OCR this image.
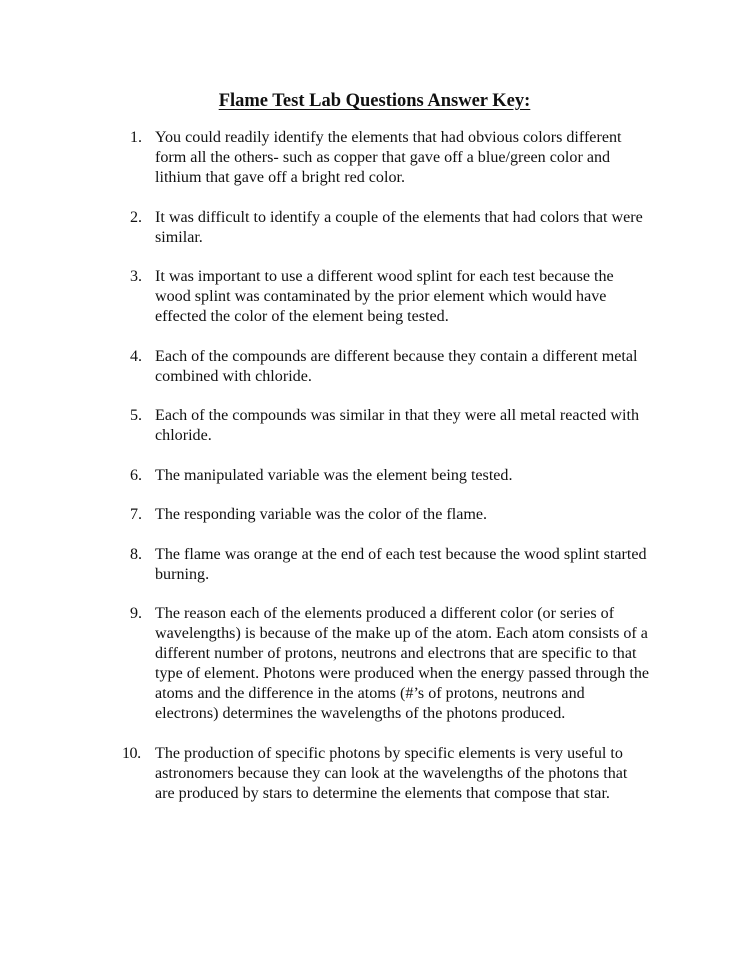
Flame Test Lab Questions Answer Key:
1. You could readily identify the elements that had obvious colors different form all the others- such as copper that gave off a blue/green color and lithium that gave off a bright red color.
2. It was difficult to identify a couple of the elements that had colors that were similar.
3. It was important to use a different wood splint for each test because the wood splint was contaminated by the prior element which would have effected the color of the element being tested.
4. Each of the compounds are different because they contain a different metal combined with chloride.
5. Each of the compounds was similar in that they were all metal reacted with chloride.
6. The manipulated variable was the element being tested.
7. The responding variable was the color of the flame.
8. The flame was orange at the end of each test because the wood splint started burning.
9. The reason each of the elements produced a different color (or series of wavelengths) is because of the make up of the atom. Each atom consists of a different number of protons, neutrons and electrons that are specific to that type of element. Photons were produced when the energy passed through the atoms and the difference in the atoms (#’s of protons, neutrons and electrons) determines the wavelengths of the photons produced.
10. The production of specific photons by specific elements is very useful to astronomers because they can look at the wavelengths of the photons that are produced by stars to determine the elements that compose that star.
